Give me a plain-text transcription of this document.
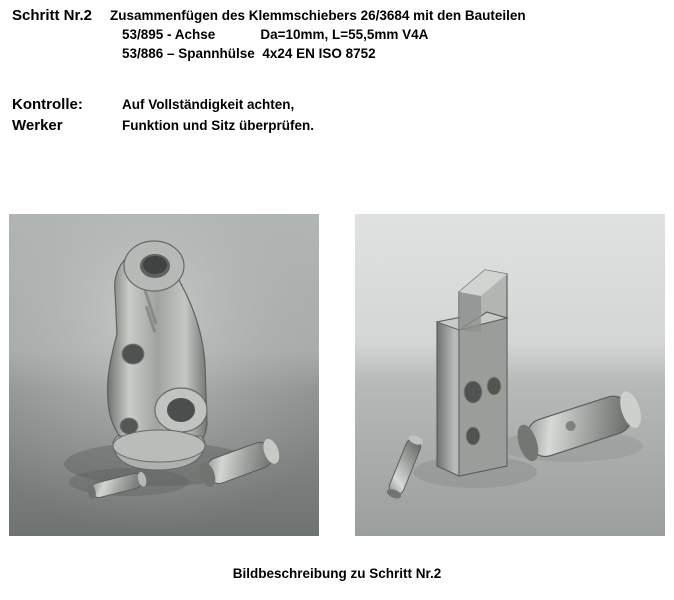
Schritt Nr.2	Zusammenfügen des Klemmschiebers 26/3684 mit den Bauteilen
53/895 - Achse            Da=10mm, L=55,5mm V4A
53/886 – Spannhülse  4x24 EN ISO 8752
Kontrolle:	Auf Vollständigkeit achten,
Werker	Funktion und Sitz überprüfen.
Bildbeschreibung zu Schritt Nr.2
